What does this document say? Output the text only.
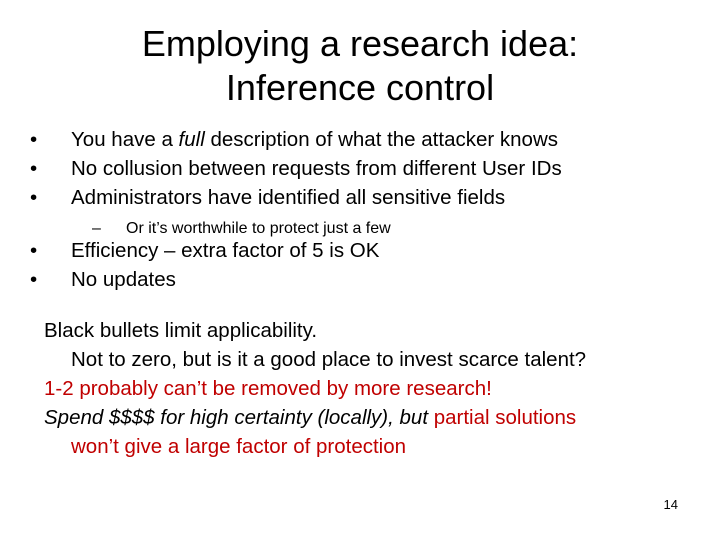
Employing a research idea:
Inference control
•	You have a full description of what the attacker knows
•	No collusion between requests from different User IDs
•	Administrators have identified all sensitive fields
– Or it’s worthwhile to protect just a few
•	Efficiency – extra factor of 5 is OK
•	No updates
Black bullets limit applicability.
Not to zero, but is it a good place to invest scarce talent?
1-2 probably can’t be removed by more research!
Spend $$$$ for high certainty (locally), but partial solutions
won’t give a large factor of protection
14
